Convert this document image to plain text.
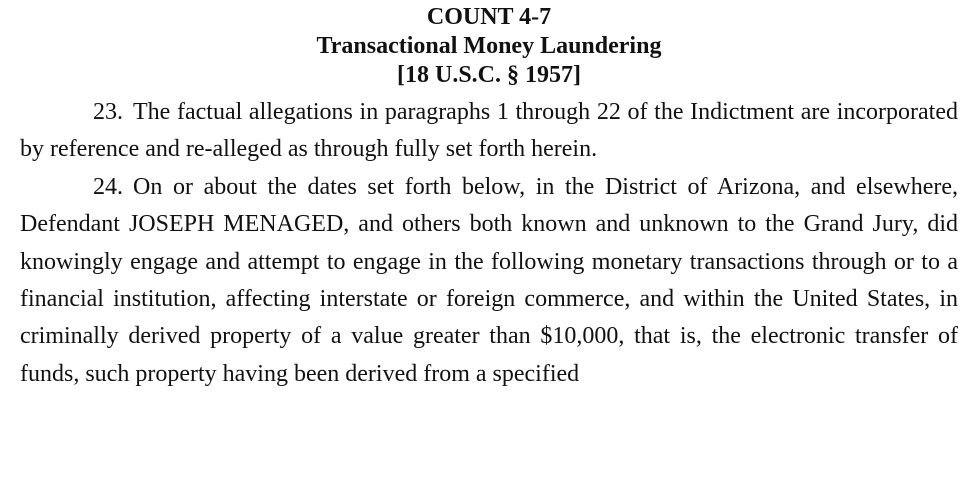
COUNT 4-7
Transactional Money Laundering
[18 U.S.C. § 1957]

23. The factual allegations in paragraphs 1 through 22 of the Indictment are incorporated by reference and re-alleged as through fully set forth herein.

24. On or about the dates set forth below, in the District of Arizona, and elsewhere, Defendant JOSEPH MENAGED, and others both known and unknown to the Grand Jury, did knowingly engage and attempt to engage in the following monetary transactions through or to a financial institution, affecting interstate or foreign commerce, and within the United States, in criminally derived property of a value greater than $10,000, that is, the electronic transfer of funds, such property having been derived from a specified
